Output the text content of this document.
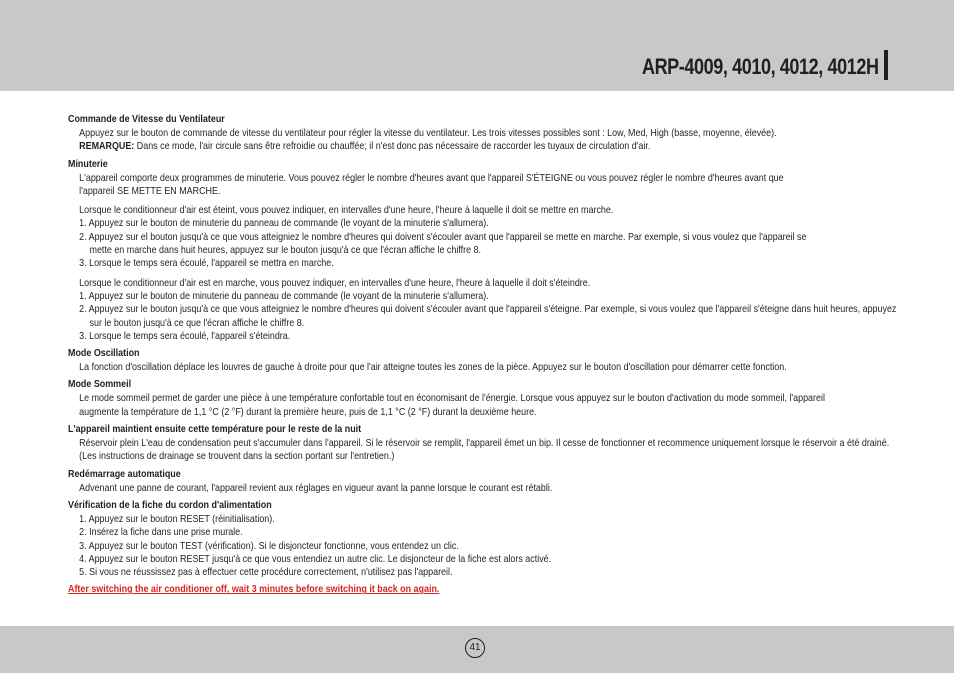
ARP-4009, 4010, 4012, 4012H
Commande de Vitesse du Ventilateur

Appuyez sur le bouton de commande de vitesse du ventilateur pour régler la vitesse du ventilateur. Les trois vitesses possibles sont : Low, Med, High (basse, moyenne, élevée).

REMARQUE: Dans ce mode, l'air circule sans être refroidie ou chauffée; il n'est donc pas nécessaire de raccorder les tuyaux de circulation d'air.

Minuterie

L'appareil comporte deux programmes de minuterie. Vous pouvez régler le nombre d'heures avant que l'appareil S'ÉTEIGNE ou vous pouvez régler le nombre d'heures avant que l'appareil SE METTE EN MARCHE.

Lorsque le conditionneur d'air est éteint, vous pouvez indiquer, en intervalles d'une heure, l'heure à laquelle il doit se mettre en marche.

1. Appuyez sur le bouton de minuterie du panneau de commande (le voyant de la minuterie s'allumera).

2. Appuyez sur el bouton jusqu'à ce que vous atteigniez le nombre d'heures qui doivent s'écouler avant que l'appareil se mette en marche. Par exemple, si vous voulez que l'appareil se mette en marche dans huit heures, appuyez sur le bouton jusqu'à ce que l'écran affiche le chiffre 8.

3. Lorsque le temps sera écoulé, l'appareil se mettra en marche.

Lorsque le conditionneur d'air est en marche, vous pouvez indiquer, en intervalles d'une heure, l'heure à laquelle il doit s'éteindre.

1. Appuyez sur le bouton de minuterie du panneau de commande (le voyant de la minuterie s'allumera).

2. Appuyez sur le bouton jusqu'à ce que vous atteigniez le nombre d'heures qui doivent s'écouler avant que l'appareil s'éteigne. Par exemple, si vous voulez que l'appareil s'éteigne dans huit heures, appuyez sur le bouton jusqu'à ce que l'écran affiche le chiffre 8.

3. Lorsque le temps sera écoulé, l'appareil s'éteindra.

Mode Oscillation

La fonction d'oscillation déplace les louvres de gauche à droite pour que l'air atteigne toutes les zones de la pièce. Appuyez sur le bouton d'oscillation pour démarrer cette fonction.

Mode Sommeil

Le mode sommeil permet de garder une pièce à une température confortable tout en économisant de l'énergie. Lorsque vous appuyez sur le bouton d'activation du mode sommeil, l'appareil augmente la température de 1,1 °C (2 °F) durant la première heure, puis de 1,1 °C (2 °F) durant la deuxième heure.

L'appareil maintient ensuite cette température pour le reste de la nuit

Réservoir plein L'eau de condensation peut s'accumuler dans l'appareil. Si le réservoir se remplit, l'appareil émet un bip. Il cesse de fonctionner et recommence uniquement lorsque le réservoir a été drainé. (Les instructions de drainage se trouvent dans la section portant sur l'entretien.)

Redémarrage automatique

Advenant une panne de courant, l'appareil revient aux réglages en vigueur avant la panne lorsque le courant est rétabli.

Vérification de la fiche du cordon d'alimentation

1. Appuyez sur le bouton RESET (réinitialisation).

2. Insérez la fiche dans une prise murale.

3. Appuyez sur le bouton TEST (vérification). Si le disjoncteur fonctionne, vous entendez un clic.

4. Appuyez sur le bouton RESET jusqu'à ce que vous entendiez un autre clic. Le disjoncteur de la fiche est alors activé.

5. Si vous ne réussissez pas à effectuer cette procédure correctement, n'utilisez pas l'appareil.

After switching the air conditioner off, wait 3 minutes before switching it back on again.

41
